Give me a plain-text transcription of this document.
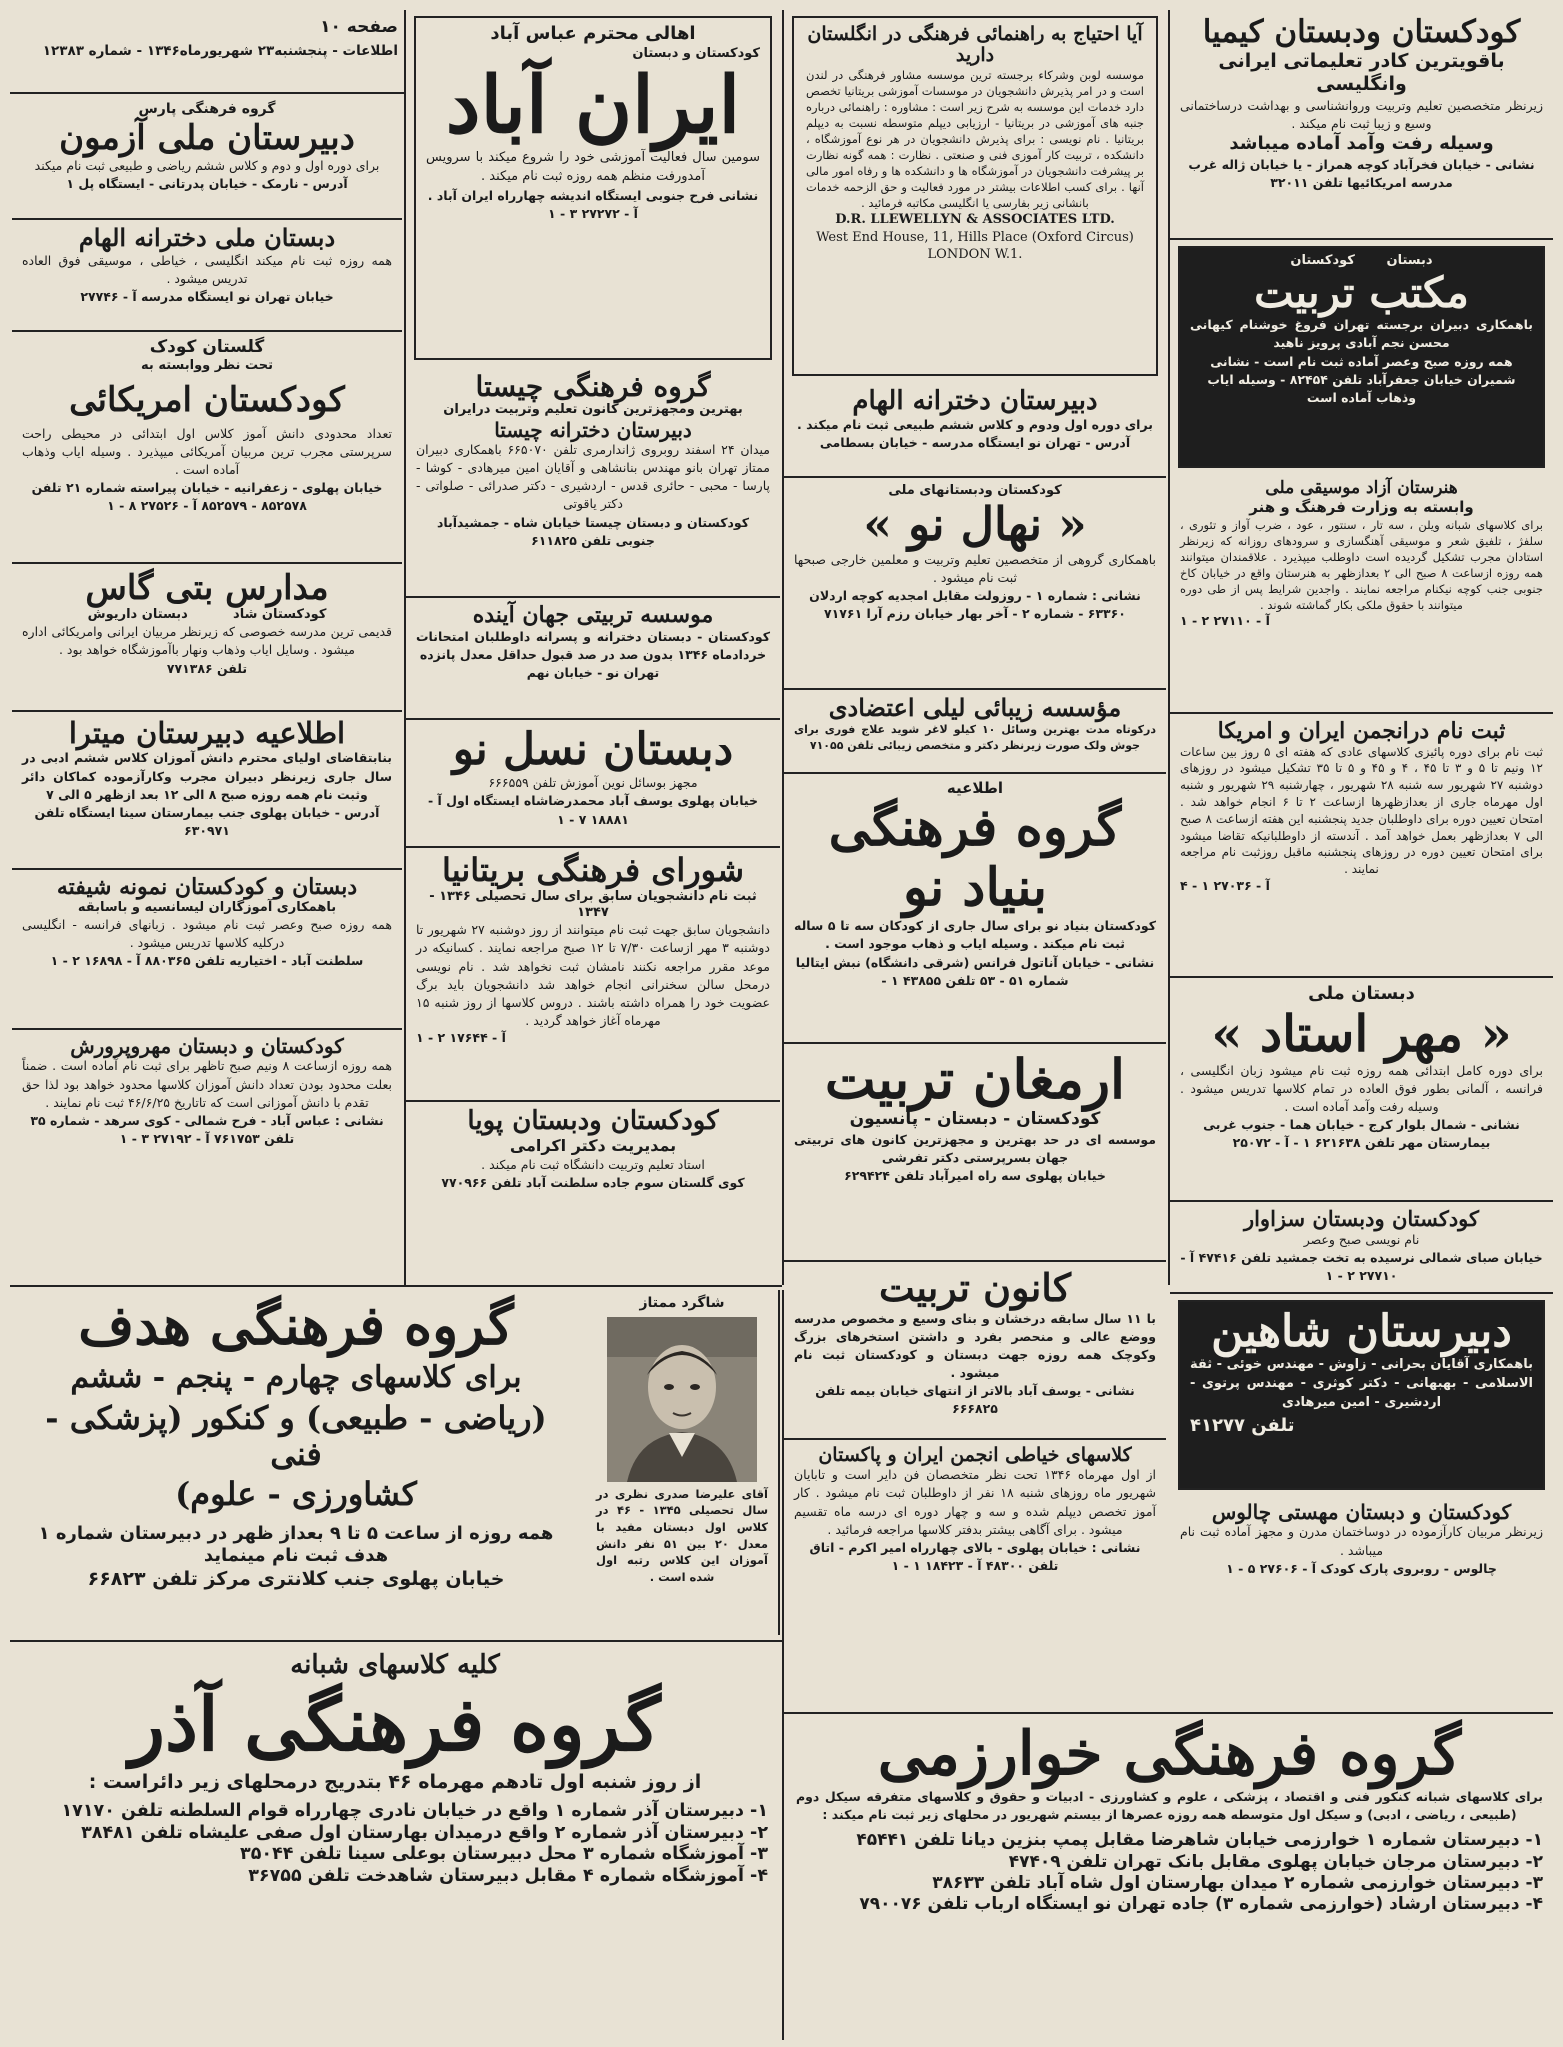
صفحه ۱۰
اطلاعات - پنجشنبه۲۳ شهریورماه۱۳۴۶ - شماره ۱۲۳۸۳
گروه فرهنگی پارس
دبیرستان ملی آزمون
برای دوره اول و دوم و کلاس ششم ریاضی و طبیعی ثبت نام میکند
آدرس - نارمک - خیابان پدرتانی - ایستگاه پل ۱
دبستان ملی دخترانه الهام
همه روزه ثبت نام میکند انگلیسی ، خیاطی ، موسیقی فوق العاده تدریس میشود .
خیابان تهران نو ایستگاه مدرسه آ - ۲۷۷۴۶
گلستان کودک
تحت نظر ووابسته به
کودکستان امریکائی
تعداد محدودی دانش آموز کلاس اول ابتدائی در محیطی راحت سرپرستی مجرب ترین مربیان آمریکائی میپذیرد . وسیله ایاب وذهاب آماده است .
خیابان پهلوی - زعفرانیه - خیابان پیراسته شماره ۲۱ تلفن ۸۵۲۵۷۸ - ۸۵۲۵۷۹ آ - ۲۷۵۲۶ ۸ - ۱
مدارس بتی گاس
کودکستان شاد          دبستان داریوش
قدیمی ترین مدرسه خصوصی که زیرنظر مربیان ایرانی وامریکائی اداره میشود . وسایل ایاب وذهاب ونهار باآموزشگاه خواهد بود .
تلفن ۷۷۱۳۸۶
اطلاعیه دبیرستان میترا
بنابتقاضای اولیای محترم دانش آموزان کلاس ششم ادبی در سال جاری زیرنظر دبیران مجرب وکارآزموده کماکان دائر وثبت نام همه روزه صبح ۸ الی ۱۲ بعد ازظهر ۵ الی ۷
آدرس - خیابان پهلوی جنب بیمارستان سینا ایستگاه تلفن ۶۳۰۹۷۱
دبستان و کودکستان نمونه شیفته
باهمکاری آموزگاران لیسانسیه و باسابقه
همه روزه صبح وعصر ثبت نام میشود . زبانهای فرانسه - انگلیسی درکلیه کلاسها تدریس میشود .
سلطنت آباد - اختیاریه تلفن ۸۸۰۳۶۵ آ - ۱۶۸۹۸ ۲ - ۱
کودکستان و دبستان مهروپرورش
همه روزه ازساعت ۸ ونیم صبح تاظهر برای ثبت نام آماده است . ضمناً بعلت محدود بودن تعداد دانش آموزان کلاسها محدود خواهد بود لذا حق تقدم با دانش آموزانی است که تاتاریخ ۴۶/۶/۲۵ ثبت نام نمایند .
نشانی : عباس آباد - فرح شمالی - کوی سرهد - شماره ۳۵ تلفن ۷۶۱۷۵۳ آ - ۲۷۱۹۲ ۳ - ۱
اهالی محترم عباس آباد
کودکستان و دبستان
ایران آباد
سومین سال فعالیت آموزشی خود را شروع میکند با سرویس آمدورفت منظم همه روزه ثبت نام میکند .
نشانی فرح جنوبی ایستگاه اندیشه چهارراه ایران آباد . آ - ۲۷۲۷۲ ۳ - ۱
گروه فرهنگی چیستا
بهترین ومجهزترین کانون تعلیم وتربیت درایران
دبیرستان دخترانه چیستا
میدان ۲۴ اسفند روبروی ژاندارمری تلفن ۶۶۵۰۷۰ باهمکاری دبیران ممتاز تهران بانو مهندس بنانشاهی و آقایان امین میرهادی - کوشا - پارسا - محبی - حائری قدس - اردشیری - دکتر صدرائی - صلواتی - دکتر یاقوتی
کودکستان و دبستان چیستا خیابان شاه - جمشیدآباد جنوبی تلفن ۶۱۱۸۲۵
موسسه تربیتی جهان آینده
کودکستان - دبستان دخترانه و پسرانه داوطلبان امتحانات خردادماه ۱۳۴۶ بدون صد در صد قبول حداقل معدل پانزده
تهران نو - خیابان نهم
دبستان نسل نو
مجهز بوسائل نوین آموزش تلفن ۶۶۶۵۵۹
خیابان پهلوی یوسف آباد محمدرضاشاه ایستگاه اول آ - ۱۸۸۸۱ ۷ - ۱
شورای فرهنگی بریتانیا
ثبت نام دانشجویان سابق برای سال تحصیلی ۱۳۴۶ - ۱۳۴۷
دانشجویان سابق جهت ثبت نام میتوانند از روز دوشنبه ۲۷ شهریور تا دوشنبه ۳ مهر ازساعت ۷/۳۰ تا ۱۲ صبح مراجعه نمایند . کسانیکه در موعد مقرر مراجعه نکنند نامشان ثبت نخواهد شد . نام نویسی درمحل سالن سخنرانی انجام خواهد شد دانشجویان باید برگ عضویت خود را همراه داشته باشند . دروس کلاسها از روز شنبه ۱۵ مهرماه آغاز خواهد گردید .
آ - ۱۷۶۴۴ ۲ - ۱
کودکستان ودبستان پویا
بمدیریت دکتر اکرامی
استاد تعلیم وتربیت دانشگاه ثبت نام میکند .
کوی گلستان سوم جاده سلطنت آباد تلفن ۷۷۰۹۶۶
آیا احتیاج به راهنمائی فرهنگی در انگلستان دارید
موسسه لوبن وشرکاء برجسته ترین موسسه مشاور فرهنگی در لندن است و در امر پذیرش دانشجویان در موسسات آموزشی بریتانیا تخصص دارد خدمات این موسسه به شرح زیر است : مشاوره : راهنمائی درباره جنبه های آموزشی در بریتانیا - ارزیابی دیپلم متوسطه نسبت به دیپلم بریتانیا . نام نویسی : برای پذیرش دانشجویان در هر نوع آموزشگاه ، دانشکده ، تربیت کار آموزی فنی و صنعتی . نظارت : همه گونه نظارت بر پیشرفت دانشجویان در آموزشگاه ها و دانشکده ها و رفاه امور مالی آنها . برای کسب اطلاعات بیشتر در مورد فعالیت و حق الزحمه خدمات بانشانی زیر بفارسی یا انگلیسی مکاتبه فرمائید .
D.R. LLEWELLYN & ASSOCIATES LTD.
West End House, 11, Hills Place (Oxford Circus)
LONDON W.1.
دبیرستان دخترانه الهام
برای دوره اول ودوم و کلاس ششم طبیعی ثبت نام میکند .
آدرس - تهران نو ایستگاه مدرسه - خیابان بسطامی
کودکستان ودبستانهای ملی
« نهال نو »
باهمکاری گروهی از متخصصین تعلیم وتربیت و معلمین خارجی صبحها ثبت نام میشود .
نشانی : شماره ۱ - روزولت مقابل امجدیه کوچه اردلان ۶۳۳۶۰ - شماره ۲ - آخر بهار خیابان رزم آرا ۷۱۷۶۱
مؤسسه زیبائی لیلی اعتضادی
درکوتاه مدت بهترین وسائل ۱۰ کیلو لاغر شوید علاج فوری برای جوش ولک صورت زیرنظر دکتر و متخصص زیبائی تلفن ۷۱۰۵۵
اطلاعیه
گروه فرهنگی بنیاد نو
کودکستان بنیاد نو برای سال جاری از کودکان سه تا ۵ ساله ثبت نام میکند . وسیله ایاب و ذهاب موجود است .
نشانی - خیابان آناتول فرانس (شرقی دانشگاه) نبش ایتالیا شماره ۵۱ - ۵۳ تلفن ۴۳۸۵۵ ۱ -
ارمغان تربیت
کودکستان - دبستان - پانسیون
موسسه ای در حد بهترین و مجهزترین کانون های تربیتی جهان بسرپرستی دکتر تفرشی
خیابان پهلوی سه راه امیرآباد تلفن ۶۲۹۴۲۴
کانون تربیت
با ۱۱ سال سابقه درخشان و بنای وسیع و مخصوص مدرسه ووضع عالی و منحصر بفرد و داشتن استخرهای بزرگ وکوچک همه روزه جهت دبستان و کودکستان ثبت نام میشود .
نشانی - یوسف آباد بالاتر از انتهای خیابان بیمه تلفن ۶۶۶۸۲۵
کلاسهای خیاطی انجمن ایران و پاکستان
از اول مهرماه ۱۳۴۶ تحت نظر متخصصان فن دایر است و تابایان شهریور ماه روزهای شنبه ۱۸ نفر از داوطلبان ثبت نام میشود . کار آموز تخصص دیپلم شده و سه و چهار دوره ای درسه ماه تقسیم میشود . برای آگاهی بیشتر بدفتر کلاسها مراجعه فرمائید .
نشانی : خیابان پهلوی - بالای چهارراه امیر اکرم - اتاق تلفن ۴۸۳۰۰ آ - ۱۸۴۲۳ ۱ - ۱
کودکستان ودبستان کیمیا
باقویترین کادر تعلیماتی ایرانی وانگلیسی
زیرنظر متخصصین تعلیم وتربیت وروانشناسی و بهداشت درساختمانی وسیع و زیبا ثبت نام میکند .
وسیله رفت وآمد آماده میباشد
نشانی - خیابان فخرآباد کوچه همراز - یا خیابان ژاله غرب مدرسه امریکائیها تلفن ۳۲۰۱۱
دبستان       کودکستان
مکتب تربیت
باهمکاری دبیران برجسته تهران فروغ خوشنام کیهانی محسن نجم آبادی پرویز ناهید
همه روزه صبح وعصر آماده ثبت نام است - نشانی شمیران خیابان جعفرآباد تلفن ۸۲۴۵۴ - وسیله ایاب وذهاب آماده است
هنرستان آزاد موسیقی ملی
وابسته به وزارت فرهنگ و هنر
برای کلاسهای شبانه ویلن ، سه تار ، سنتور ، عود ، ضرب آواز و تئوری ، سلفژ ، تلفیق شعر و موسیقی آهنگسازی و سرودهای روزانه که زیرنظر استادان مجرب تشکیل گردیده است داوطلب میپذیرد . علاقمندان میتوانند همه روزه ازساعت ۸ صبح الی ۲ بعدازظهر به هنرستان واقع در خیابان کاخ جنوبی جنب کوچه نیکنام مراجعه نمایند . واجدین شرایط پس از طی دوره میتوانند با حقوق ملکی بکار گماشته شوند .
آ - ۲۷۱۱۰ ۲ - ۱
ثبت نام درانجمن ایران و امریکا
ثبت نام برای دوره پائیزی کلاسهای عادی که هفته ای ۵ روز بین ساعات ۱۲ ونیم تا ۵ و ۳ تا ۴۵ ، ۴ و ۴۵ و ۵ تا ۳۵ تشکیل میشود در روزهای دوشنبه ۲۷ شهریور سه شنبه ۲۸ شهریور ، چهارشنبه ۲۹ شهریور و شنبه اول مهرماه جاری از بعدازظهرها ازساعت ۲ تا ۶ انجام خواهد شد . امتحان تعیین دوره برای داوطلبان جدید پنجشنبه این هفته ازساعت ۸ صبح الی ۷ بعدازظهر بعمل خواهد آمد . آندسته از داوطلبانیکه تقاضا میشود برای امتحان تعیین دوره در روزهای پنجشنبه ماقبل روزثبت نام مراجعه نمایند .
آ - ۲۷۰۳۶ ۱ - ۴
دبستان ملی
« مهر استاد »
برای دوره کامل ابتدائی همه روزه ثبت نام میشود زبان انگلیسی ، فرانسه ، آلمانی بطور فوق العاده در تمام کلاسها تدریس میشود . وسیله رفت وآمد آماده است .
نشانی - شمال بلوار کرج - خیابان هما - جنوب غربی بیمارستان مهر تلفن ۶۲۱۶۳۸ ۱ - آ - ۲۵۰۷۲
کودکستان ودبستان سزاوار
نام نویسی صبح وعصر
خیابان صبای شمالی نرسیده به تخت جمشید تلفن ۴۷۴۱۶ آ - ۲۷۷۱۰ ۲ - ۱
دبیرستان شاهین
باهمکاری آقایان بحرانی - زاوش - مهندس خوئی - ثقة الاسلامی - بهبهانی - دکتر کوثری - مهندس پرتوی - اردشیری - امین میرهادی
تلفن ۴۱۲۷۷
کودکستان و دبستان مهستی چالوس
زیرنظر مربیان کارآزموده در دوساختمان مدرن و مجهز آماده ثبت نام میباشد .
چالوس - روبروی پارک کودک آ - ۲۷۶۰۶ ۵ - ۱
گروه فرهنگی هدف
برای کلاسهای چهارم - پنجم - ششم
(ریاضی - طبیعی) و کنکور (پزشکی - فنی
کشاورزی - علوم)
همه روزه از ساعت ۵ تا ۹ بعداز ظهر در دبیرستان شماره ۱
هدف ثبت نام مینماید
خیابان پهلوی جنب کلانتری مرکز تلفن ۶۶۸۲۳
شاگرد ممتاز
آقای علیرضا صدری نظری در سال تحصیلی ۱۳۴۵ - ۴۶ در کلاس اول دبستان مفید با معدل ۲۰ بین ۵۱ نفر دانش آموزان این کلاس رتبه اول شده است .
کلیه کلاسهای شبانه
گروه فرهنگی آذر
از روز شنبه اول تادهم مهرماه ۴۶ بتدریج درمحلهای زیر دائراست :
۱- دبیرستان آذر شماره ۱ واقع در خیابان نادری چهارراه قوام السلطنه تلفن ۱۷۱۷۰
۲- دبیرستان آذر شماره ۲ واقع درمیدان بهارستان اول صفی علیشاه تلفن ۳۸۴۸۱
۳- آموزشگاه شماره ۳ محل دبیرستان بوعلی سینا تلفن ۳۵۰۴۴
۴- آموزشگاه شماره ۴ مقابل دبیرستان شاهدخت تلفن ۳۶۷۵۵
گروه فرهنگی خوارزمی
برای کلاسهای شبانه کنکور فنی و اقتصاد ، پزشکی ، علوم و کشاورزی - ادبیات و حقوق و کلاسهای متفرقه سیکل دوم (طبیعی ، ریاضی ، ادبی) و سیکل اول متوسطه همه روزه عصرها از بیستم شهریور در محلهای زیر ثبت نام میکند :
۱- دبیرستان شماره ۱ خوارزمی خیابان شاهرضا مقابل پمپ بنزین دیانا تلفن ۴۵۴۴۱
۲- دبیرستان مرجان خیابان پهلوی مقابل بانک تهران تلفن ۴۷۴۰۹
۳- دبیرستان خوارزمی شماره ۲ میدان بهارستان اول شاه آباد تلفن ۳۸۶۳۳
۴- دبیرستان ارشاد (خوارزمی شماره ۳) جاده تهران نو ایستگاه ارباب تلفن ۷۹۰۰۷۶
